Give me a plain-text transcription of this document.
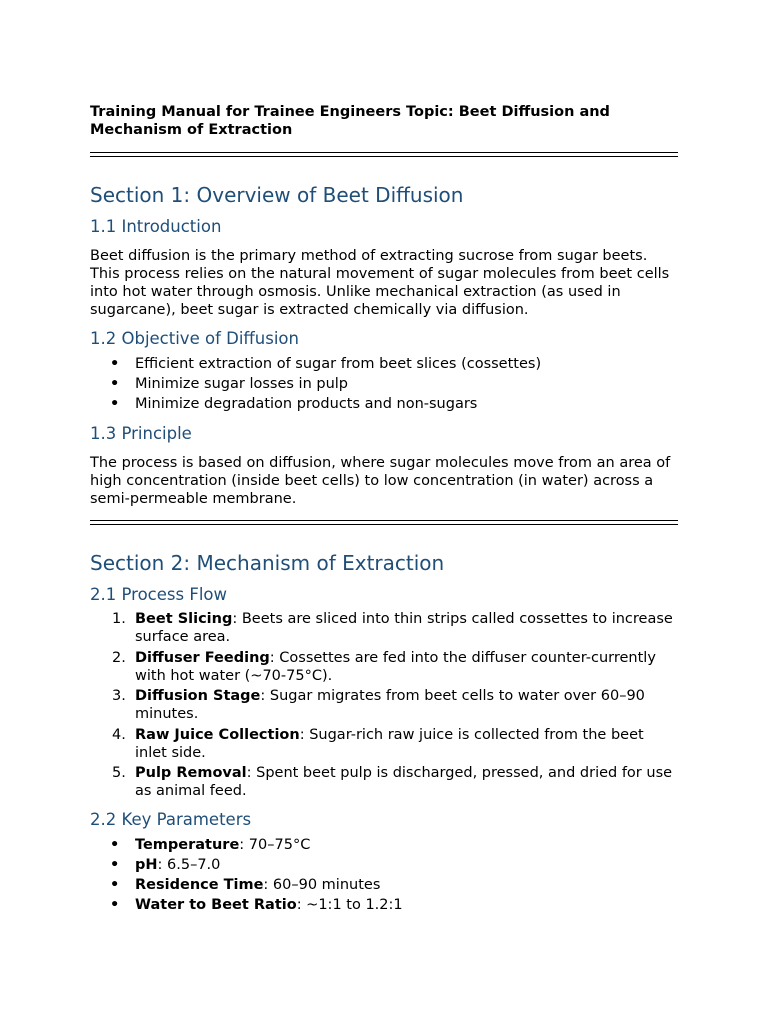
Training Manual for Trainee Engineers Topic: Beet Diffusion and Mechanism of Extraction

Section 1: Overview of Beet Diffusion
1.1 Introduction

Beet diffusion is the primary method of extracting sucrose from sugar beets. This process relies on the natural movement of sugar molecules from beet cells into hot water through osmosis. Unlike mechanical extraction (as used in sugarcane), beet sugar is extracted chemically via diffusion.

1.2 Objective of Diffusion
• Efficient extraction of sugar from beet slices (cossettes)
• Minimize sugar losses in pulp
• Minimize degradation products and non-sugars
1.3 Principle

The process is based on diffusion, where sugar molecules move from an area of high concentration (inside beet cells) to low concentration (in water) across a semi-permeable membrane.

Section 2: Mechanism of Extraction
2.1 Process Flow
1. Beet Slicing: Beets are sliced into thin strips called cossettes to increase surface area.
2. Diffuser Feeding: Cossettes are fed into the diffuser counter-currently with hot water (~70-75°C).
3. Diffusion Stage: Sugar migrates from beet cells to water over 60–90 minutes.
4. Raw Juice Collection: Sugar-rich raw juice is collected from the beet inlet side.
5. Pulp Removal: Spent beet pulp is discharged, pressed, and dried for use as animal feed.
2.2 Key Parameters
• Temperature: 70–75°C
• pH: 6.5–7.0
• Residence Time: 60–90 minutes
• Water to Beet Ratio: ~1:1 to 1.2:1
